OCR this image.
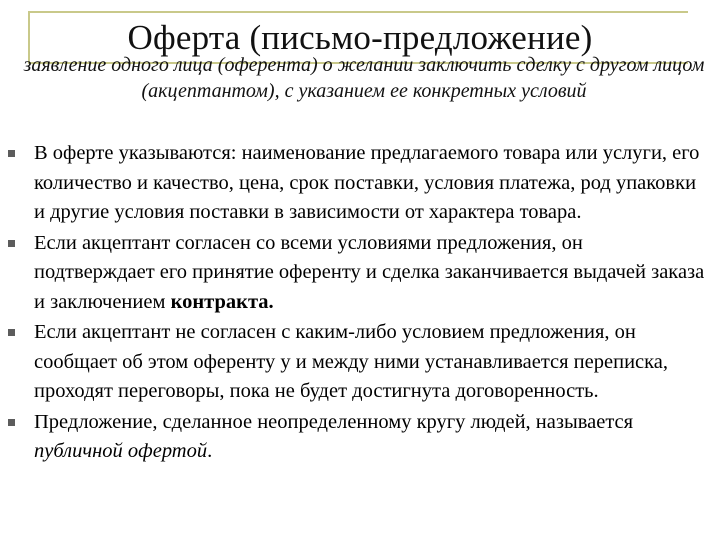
Оферта (письмо-предложение)
заявление одного лица (оферента) о желании заключить сделку с другом лицом (акцептантом), с указанием ее конкретных условий
В оферте указываются: наименование предлагаемого товара или услуги, его количество и качество, цена, срок поставки, условия платежа, род упаковки и другие условия поставки в зависимости от характера товара.
Если акцептант согласен со всеми условиями предложения, он подтверждает его принятие оференту и сделка заканчивается выдачей заказа и заключением контракта.
Если акцептант не согласен с каким-либо условием предложения, он сообщает об этом оференту у и между ними устанавливается переписка, проходят переговоры, пока не будет достигнута договоренность.
Предложение, сделанное неопределенному кругу людей, называется публичной офертой.
